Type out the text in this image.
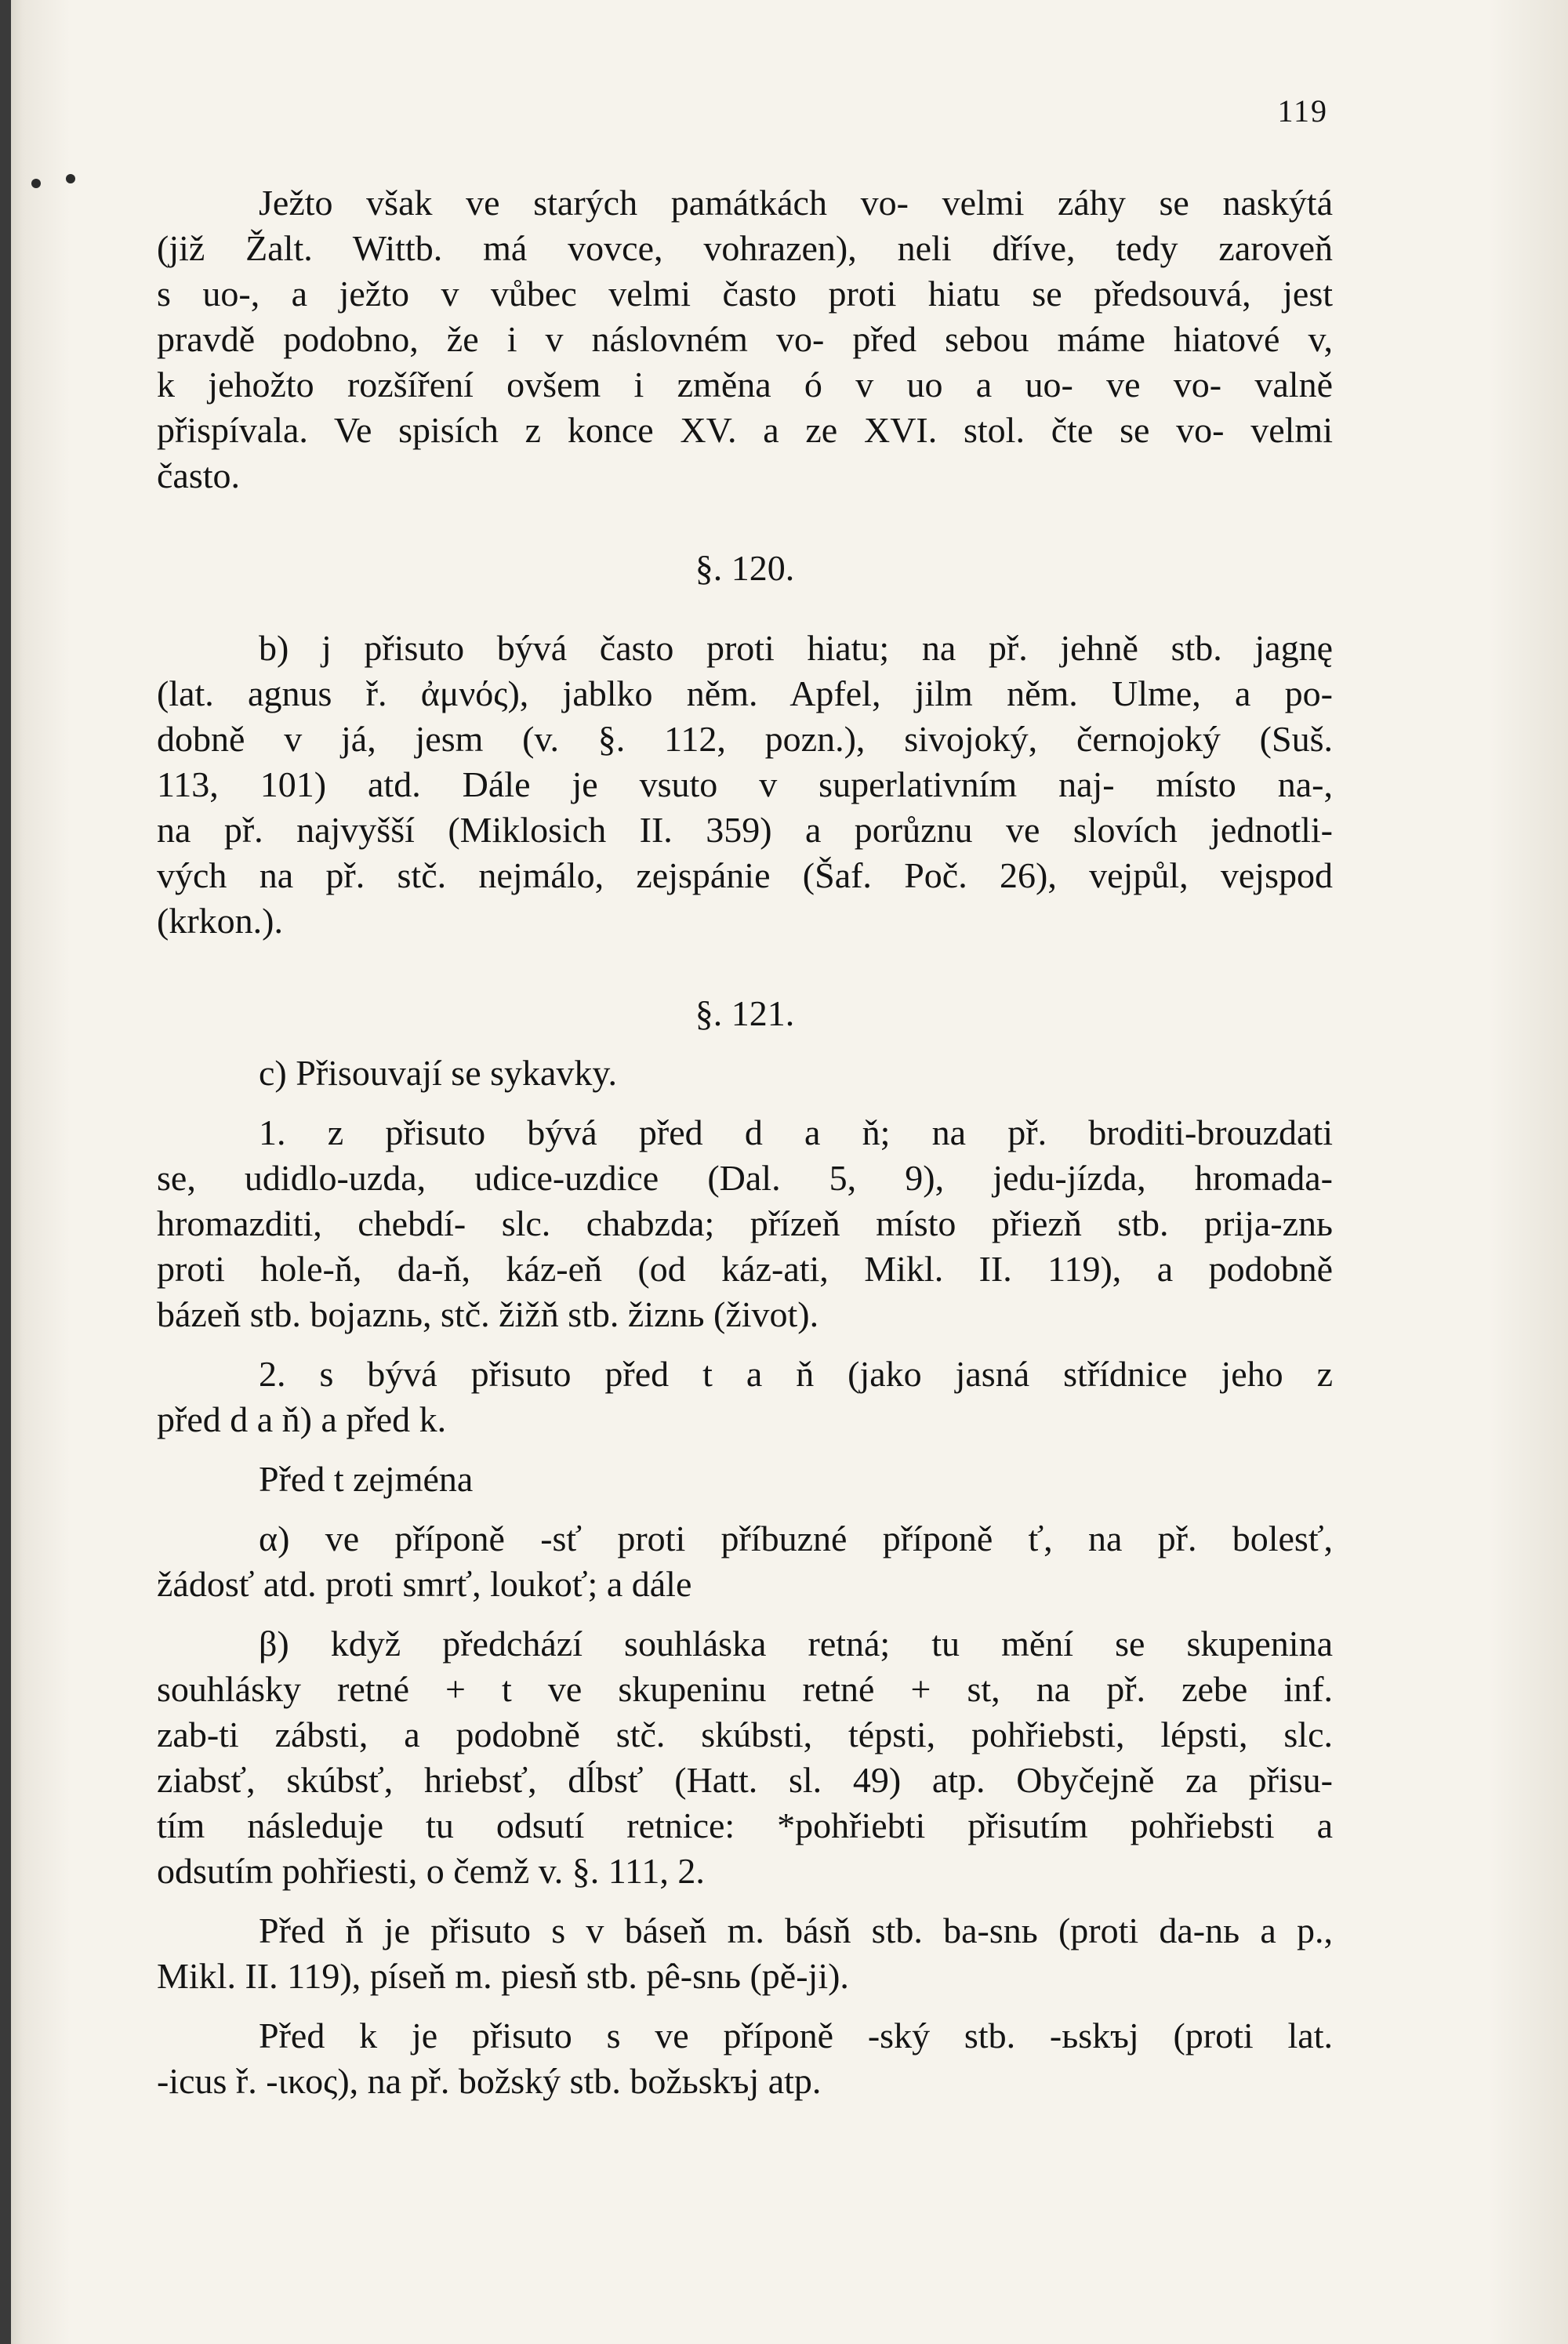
119
Ježto však ve starých památkách vo- velmi záhy se naskýtá
(již Žalt. Wittb. má vovce, vohrazen), neli dříve, tedy zaroveň
s uo-, a ježto v vůbec velmi často proti hiatu se předsouvá, jest
pravdě podobno, že i v náslovném vo- před sebou máme hiatové v,
k jehožto rozšíření ovšem i změna ó v uo a uo- ve vo- valně
přispívala. Ve spisích z konce XV. a ze XVI. stol. čte se vo- velmi
často.
§. 120.
b) j přisuto bývá často proti hiatu; na př. jehně stb. jagnę
(lat. agnus ř. ἀμνός), jablko něm. Apfel, jilm něm. Ulme, a po-
dobně v já, jesm (v. §. 112, pozn.), sivojoký, černojoký (Suš.
113, 101) atd. Dále je vsuto v superlativním naj- místo na-,
na př. najvyšší (Miklosich II. 359) a porůznu ve slovích jednotli-
vých na př. stč. nejmálo, zejspánie (Šaf. Poč. 26), vejpůl, vejspod
(krkon.).
§. 121.
c) Přisouvají se sykavky.
1. z přisuto bývá před d a ň; na př. broditi-brouzdati
se, udidlo-uzda, udice-uzdice (Dal. 5, 9), jedu-jízda, hromada-
hromazditi, chebdí- slc. chabzda; přízeň místo přiezň stb. prija-znь
proti hole-ň, da-ň, káz-eň (od káz-ati, Mikl. II. 119), a podobně
bázeň stb. bojaznь, stč. žižň stb. žiznь (život).
2. s bývá přisuto před t a ň (jako jasná střídnice jeho z
před d a ň) a před k.
Před t zejména
α) ve příponě -sť proti příbuzné příponě ť, na př. bolesť,
žádosť atd. proti smrť, loukoť; a dále
β) když předchází souhláska retná; tu mění se skupenina
souhlásky retné + t ve skupeninu retné + st, na př. zebe inf.
zab-ti zábsti, a podobně stč. skúbsti, tépsti, pohřiebsti, lépsti, slc.
ziabsť, skúbsť, hriebsť, dĺbsť (Hatt. sl. 49) atp. Obyčejně za přisu-
tím následuje tu odsutí retnice: *pohřiebti přisutím pohřiebsti a
odsutím pohřiesti, o čemž v. §. 111, 2.
Před ň je přisuto s v báseň m. básň stb. ba-snь (proti da-nь a p.,
Mikl. II. 119), píseň m. piesň stb. pê-snь (pě-ji).
Před k je přisuto s ve příponě -ský stb. -ьskъj (proti lat.
-icus ř. -ικος), na př. božský stb. božьskъj atp.
